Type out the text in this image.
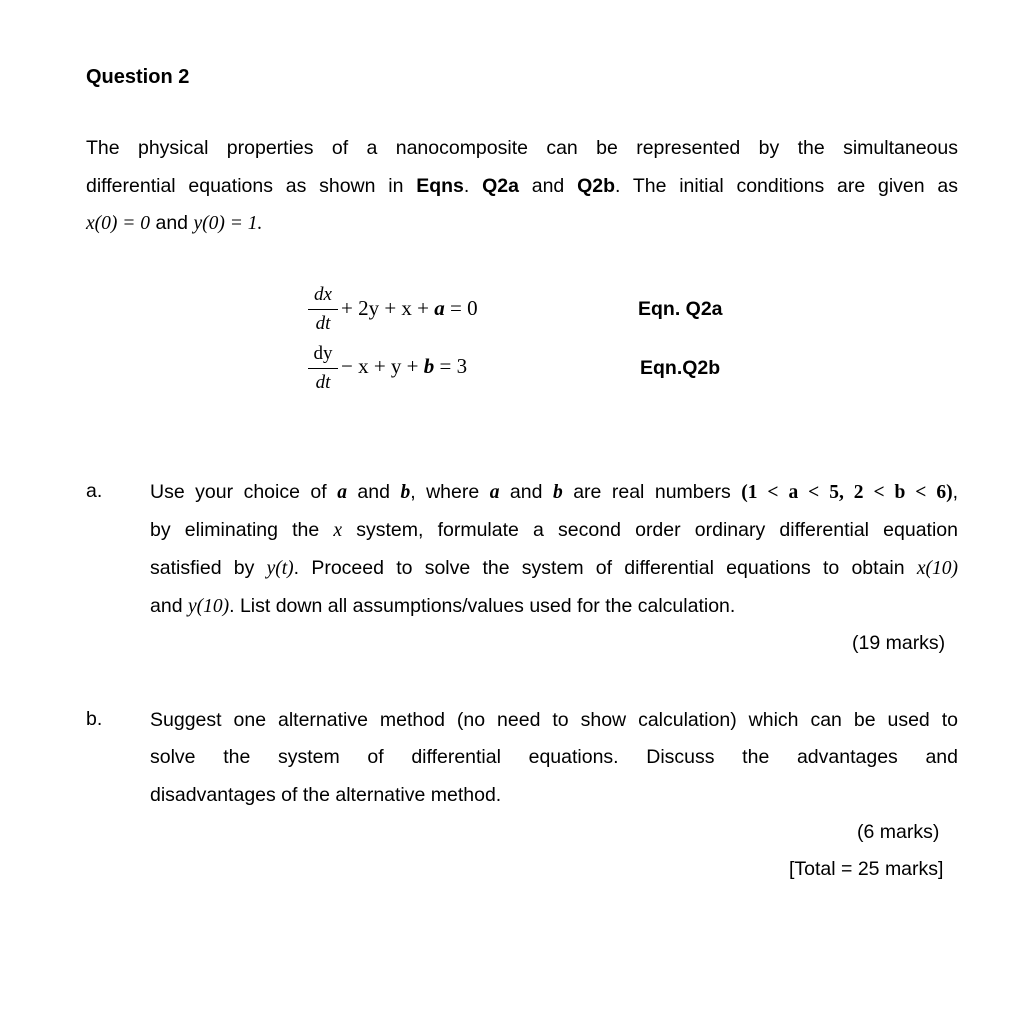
Question 2
The physical properties of a nanocomposite can be represented by the simultaneous
differential equations as shown in Eqns. Q2a and Q2b. The initial conditions are given as
x(0) = 0 and y(0) = 1.
dx
dt
+ 2y + x + a = 0	Eqn. Q2a
dy
dt
− x + y + b = 3	Eqn.Q2b
a. Use your choice of a and b, where a and b are real numbers (1 < a < 5, 2 < b < 6),
by eliminating the x system, formulate a second order ordinary differential equation
satisfied by y(t). Proceed to solve the system of differential equations to obtain x(10)
and y(10). List down all assumptions/values used for the calculation.
(19 marks)
b. Suggest one alternative method (no need to show calculation) which can be used to
solve the system of differential equations. Discuss the advantages and
disadvantages of the alternative method.
(6 marks)
[Total = 25 marks]
